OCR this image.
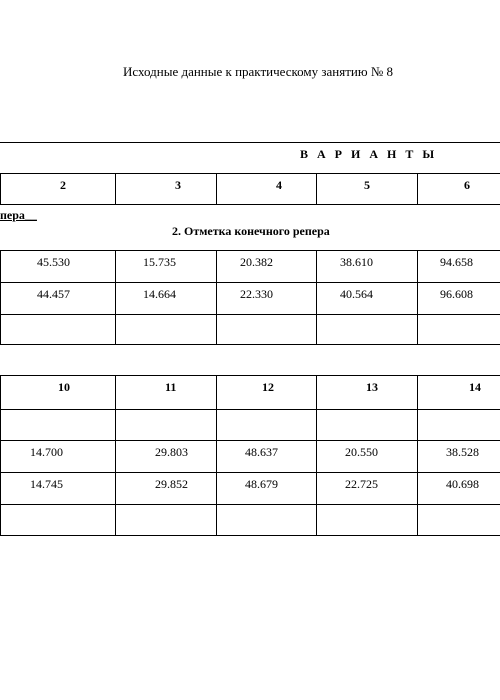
Исходные данные к практическому занятию № 8
В А Р И А Н Т Ы
2	3	4	5	6
пера__
2. Отметка конечного репера
45.530	15.735	20.382	38.610	94.658
44.457	14.664	22.330	40.564	96.608
10	11	12	13	14
14.700	29.803	48.637	20.550	38.528
14.745	29.852	48.679	22.725	40.698
